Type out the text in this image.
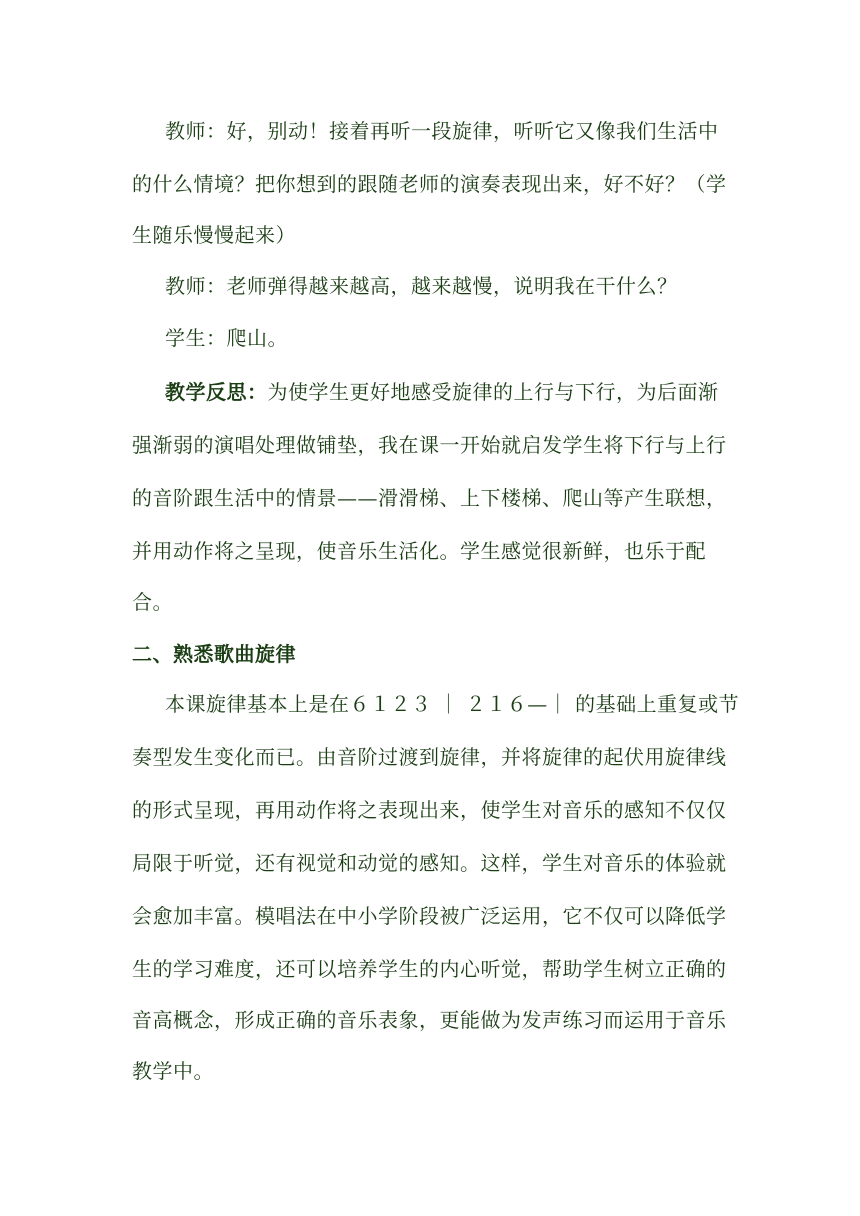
教师：好，别动！接着再听一段旋律，听听它又像我们生活中
的什么情境？把你想到的跟随老师的演奏表现出来，好不好？（学
生随乐慢慢起来）
教师：老师弹得越来越高，越来越慢，说明我在干什么？
学生：爬山。
教学反思：为使学生更好地感受旋律的上行与下行，为后面渐
强渐弱的演唱处理做铺垫，我在课一开始就启发学生将下行与上行
的音阶跟生活中的情景——滑滑梯、上下楼梯、爬山等产生联想，
并用动作将之呈现，使音乐生活化。学生感觉很新鲜，也乐于配
合。
二、熟悉歌曲旋律
本课旋律基本上是在６１２３ ｜ ２１６—｜ 的基础上重复或节
奏型发生变化而已。由音阶过渡到旋律，并将旋律的起伏用旋律线
的形式呈现，再用动作将之表现出来，使学生对音乐的感知不仅仅
局限于听觉，还有视觉和动觉的感知。这样，学生对音乐的体验就
会愈加丰富。模唱法在中小学阶段被广泛运用，它不仅可以降低学
生的学习难度，还可以培养学生的内心听觉，帮助学生树立正确的
音高概念，形成正确的音乐表象，更能做为发声练习而运用于音乐
教学中。
